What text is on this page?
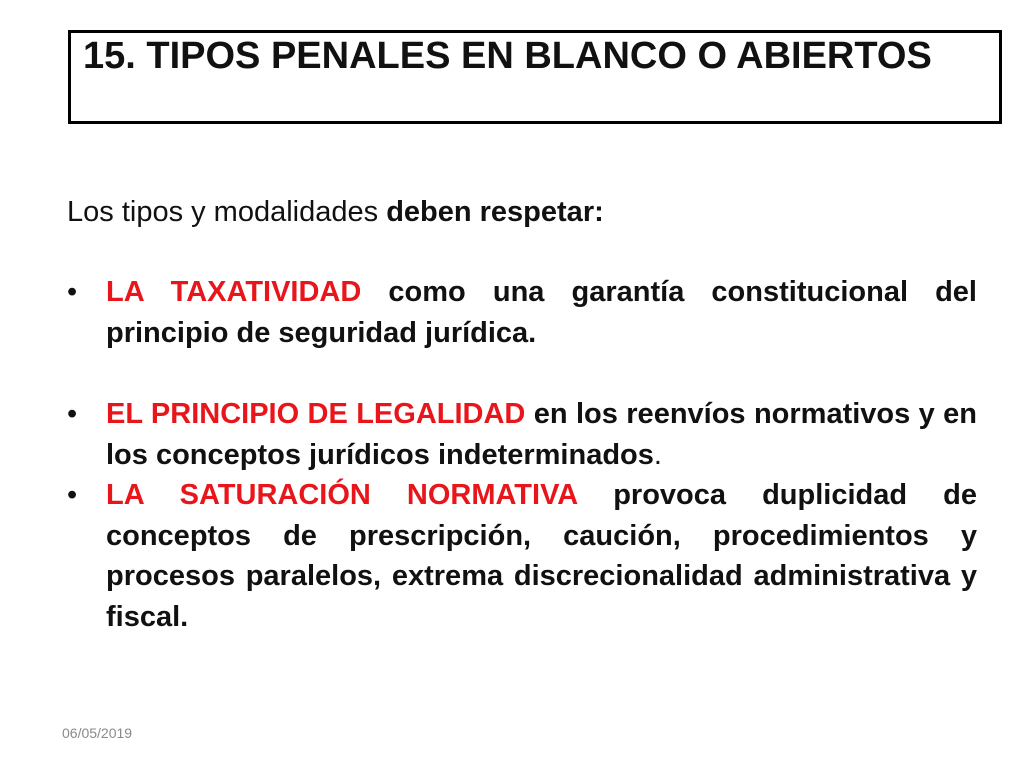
15. TIPOS PENALES EN BLANCO O ABIERTOS
Los tipos y modalidades deben respetar:
• LA TAXATIVIDAD como una garantía constitucional del principio de seguridad jurídica.
• EL PRINCIPIO DE LEGALIDAD en los reenvíos normativos y en los conceptos jurídicos indeterminados.
• LA SATURACIÓN NORMATIVA provoca duplicidad de conceptos de prescripción, caución, procedimientos y procesos paralelos, extrema discrecionalidad administrativa y fiscal.
06/05/2019
